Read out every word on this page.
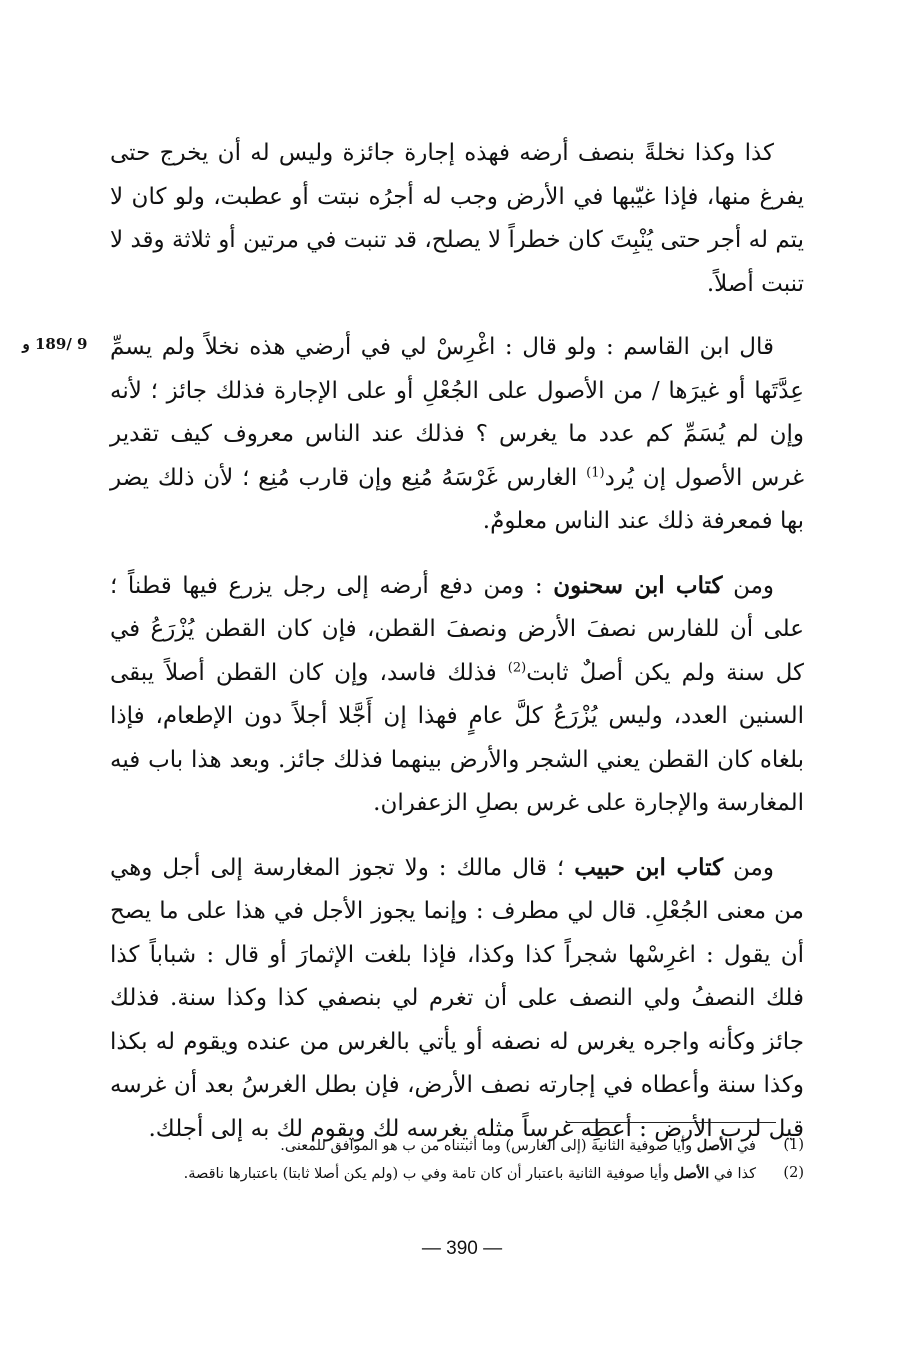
9 /189 و

كذا وكذا نخلةً بنصف أرضه فهذه إجارة جائزة وليس له أن يخرج حتى يفرغ منها، فإذا غيّبها في الأرض وجب له أجرُه نبتت أو عطبت، ولو كان لا يتم له أجر حتى يُنْبِتَ كان خطراً لا يصلح، قد تنبت في مرتين أو ثلاثة وقد لا تنبت أصلاً.

قال ابن القاسم : ولو قال : اغْرِسْ لي في أرضي هذه نخلاً ولم يسمِّ عِدَّتَها أو غيرَها / من الأصول على الجُعْلِ أو على الإجارة فذلك جائز ؛ لأنه وإن لم يُسَمِّ كم عدد ما يغرس ؟ فذلك عند الناس معروف كيف تقدير غرس الأصول إن يُرد$^{(1)}$ الغارس غَرْسَهُ مُنِع وإن قارب مُنِع ؛ لأن ذلك يضر بها فمعرفة ذلك عند الناس معلومٌ.

ومن كتاب ابن سحنون : ومن دفع أرضه إلى رجل يزرع فيها قطناً ؛ على أن للفارس نصفَ الأرض ونصفَ القطن، فإن كان القطن يُزْرَعُ في كل سنة ولم يكن أصلٌ ثابت$^{(2)}$ فذلك فاسد، وإن كان القطن أصلاً يبقى السنين العدد، وليس يُزْرَعُ كلَّ عامٍ فهذا إن أَجَّلا أجلاً دون الإطعام، فإذا بلغاه كان القطن يعني الشجر والأرض بينهما فذلك جائز. وبعد هذا باب فيه المغارسة والإجارة على غرس بصلِ الزعفران.

ومن كتاب ابن حبيب ؛ قال مالك : ولا تجوز المغارسة إلى أجل وهي من معنى الجُعْلِ. قال لي مطرف : وإنما يجوز الأجل في هذا على ما يصح أن يقول : اغرِسْها شجراً كذا وكذا، فإذا بلغت الإثمارَ أو قال : شباباً كذا فلك النصفُ ولي النصف على أن تغرم لي بنصفي كذا وكذا سنة. فذلك جائز وكأنه واجره يغرس له نصفه أو يأتي بالغرس من عنده ويقوم له بكذا وكذا سنة وأعطاه في إجارته نصف الأرض، فإن بطل الغرسُ بعد أن غرسه قيل لرب الأرض : أعطِه غرساً مثله يغرسه لك ويقوم لك به إلى أجلك.

(1)
في الأصل وأيا صوفية الثانية (إلى الغارس) وما أثبتناه من ب هو الموافق للمعنى.
(2)
كذا في الأصل وأيا صوفية الثانية باعتبار أن كان تامة وفي ب (ولم يكن أصلا ثابتا) باعتبارها ناقصة.
— 390 —
